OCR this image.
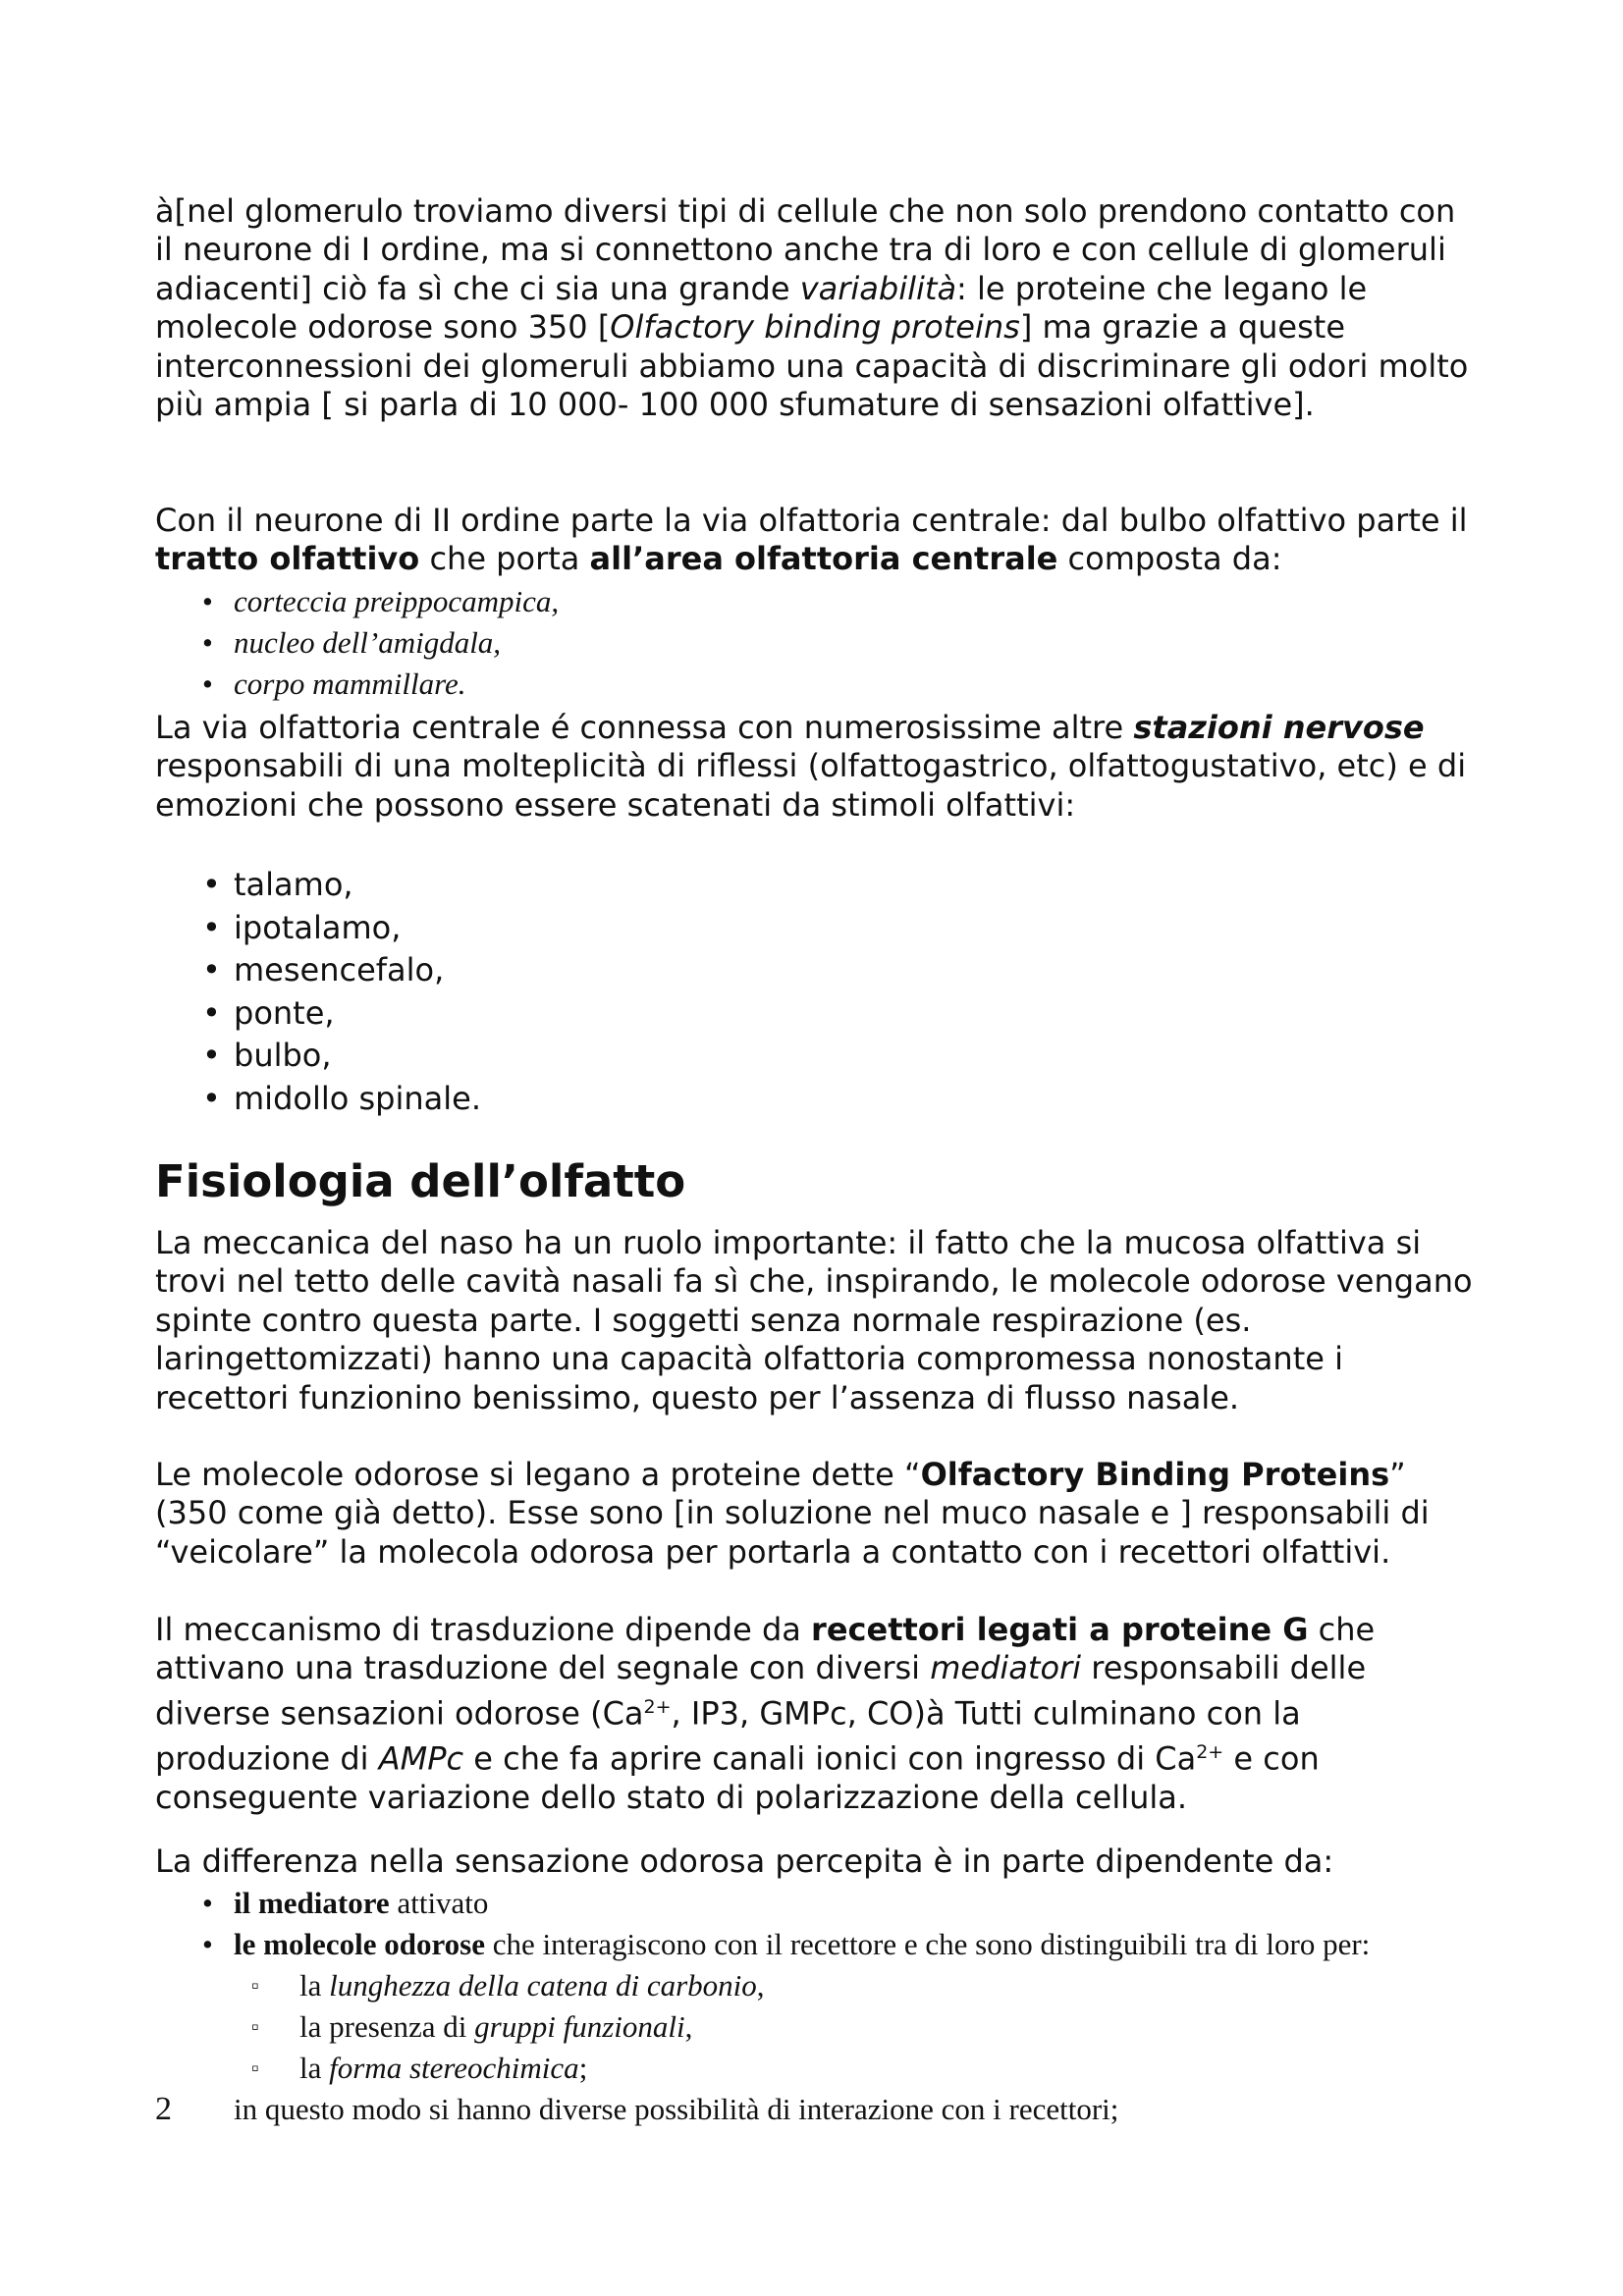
à[nel glomerulo troviamo diversi tipi di cellule che non solo prendono contatto con il neurone di I ordine, ma si connettono anche tra di loro e con cellule di glomeruli adiacenti] ciò fa sì che ci sia una grande variabilità: le proteine che legano le molecole odorose sono 350 [Olfactory binding proteins] ma grazie a queste interconnessioni dei glomeruli abbiamo una capacità di discriminare gli odori molto più ampia [ si parla di 10 000- 100 000 sfumature di sensazioni olfattive].

Con il neurone di II ordine parte la via olfattoria centrale: dal bulbo olfattivo parte il tratto olfattivo che porta all’area olfattoria centrale composta da:

• corteccia preippocampica,
• nucleo dell’amigdala,
• corpo mammillare.

La via olfattoria centrale é connessa con numerosissime altre stazioni nervose responsabili di una molteplicità di riflessi (olfattogastrico, olfattogustativo, etc) e di emozioni che possono essere scatenati da stimoli olfattivi:

• talamo,
• ipotalamo,
• mesencefalo,
• ponte,
• bulbo,
• midollo spinale.
Fisiologia dell’olfatto

La meccanica del naso ha un ruolo importante: il fatto che la mucosa olfattiva si trovi nel tetto delle cavità nasali fa sì che, inspirando, le molecole odorose vengano spinte contro questa parte. I soggetti senza normale respirazione (es. laringettomizzati) hanno una capacità olfattoria compromessa nonostante i recettori funzionino benissimo, questo per l’assenza di flusso nasale.

Le molecole odorose si legano a proteine dette “Olfactory Binding Proteins” (350 come già detto). Esse sono [in soluzione nel muco nasale e ] responsabili di “veicolare” la molecola odorosa per portarla a contatto con i recettori olfattivi.

Il meccanismo di trasduzione dipende da recettori legati a proteine G che attivano una trasduzione del segnale con diversi mediatori responsabili delle diverse sensazioni odorose ($Ca^{2+}$, IP3, GMPc, CO)à Tutti culminano con la produzione di AMPc e che fa aprire canali ionici con ingresso di $Ca^{2+}$ e con conseguente variazione dello stato di polarizzazione della cellula.

La differenza nella sensazione odorosa percepita è in parte dipendente da:

• il mediatore attivato
• le molecole odorose che interagiscono con il recettore e che sono distinguibili tra di loro per:
▫ la lunghezza della catena di carbonio,
▫ la presenza di gruppi funzionali,
▫ la forma stereochimica;

in questo modo si hanno diverse possibilità di interazione con i recettori;

2
